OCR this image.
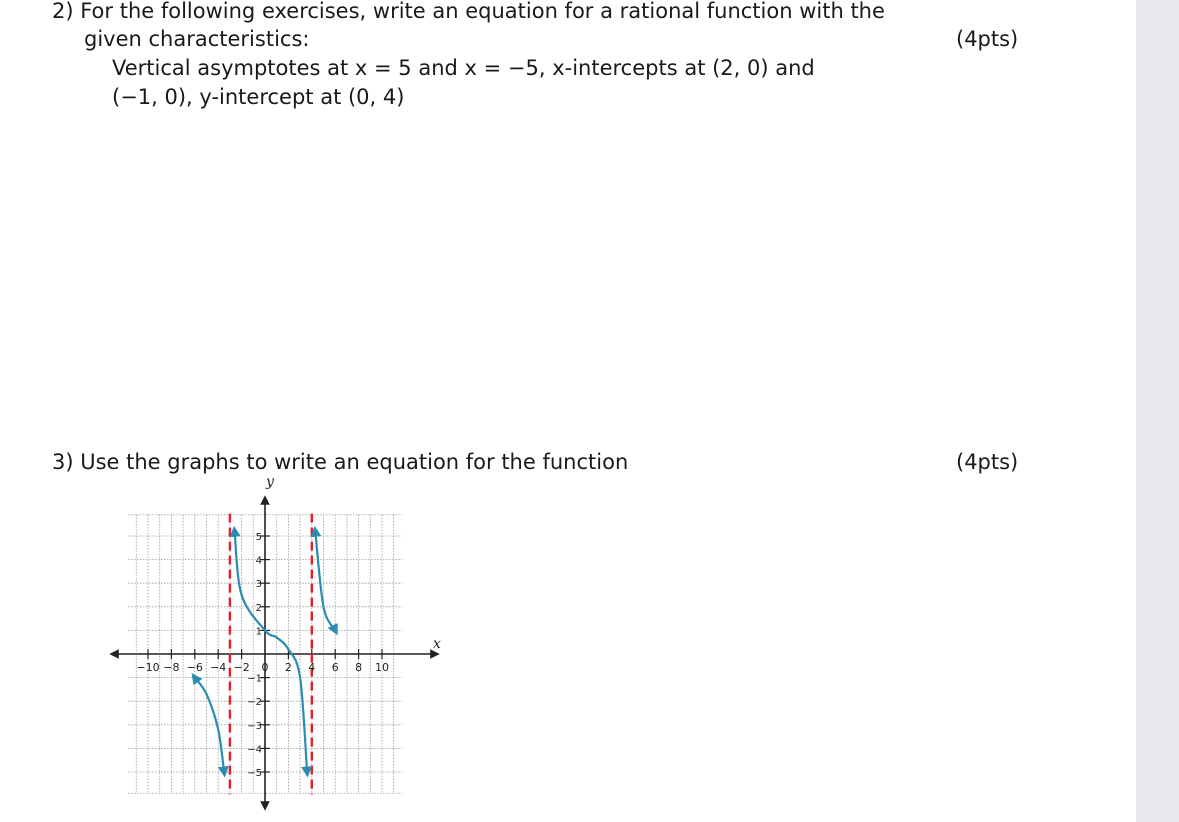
2) For the following exercises, write an equation for a rational function with the
given characteristics:	(4pts)
Vertical asymptotes at x = 5 and x = −5, x-intercepts at (2, 0) and
(−1, 0), y-intercept at (0, 4)
3) Use the graphs to write an equation for the function	(4pts)
−10 −8 −6 −4 −2 0 2 4 6 8 10
5
4
3
2
1
−1
−2
−3
−4
−5
x
y
